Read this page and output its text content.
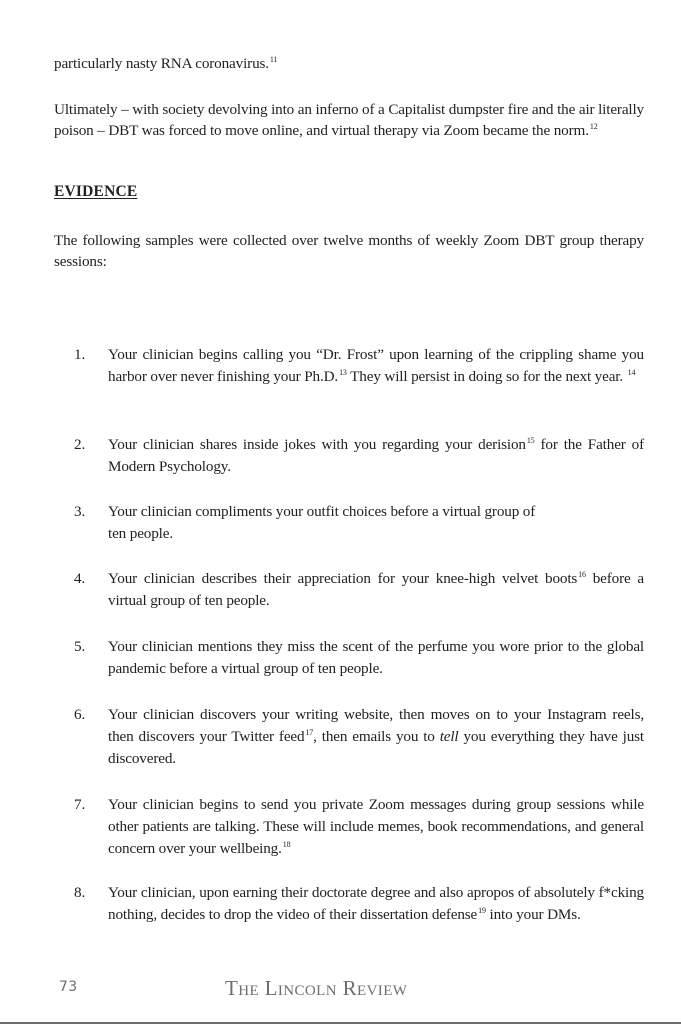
particularly nasty RNA coronavirus.$^{11}$

Ultimately – with society devolving into an inferno of a Capitalist dumpster fire and the air literally poison – DBT was forced to move online, and virtual therapy via Zoom became the norm.$^{12}$

EVIDENCE

The following samples were collected over twelve months of weekly Zoom DBT group therapy sessions:

1.	Your clinician begins calling you “Dr. Frost” upon learning of the crippling shame you harbor over never finishing your Ph.D.$^{13}$ They will persist in doing so for the next year. $^{14}$
2.	Your clinician shares inside jokes with you regarding your derision$^{15}$ for the Father of Modern Psychology.
3.	Your clinician compliments your outfit choices before a virtual group of
ten people.
4.	Your clinician describes their appreciation for your knee-high velvet boots$^{16}$ before a virtual group of ten people.
5.	Your clinician mentions they miss the scent of the perfume you wore prior to the global pandemic before a virtual group of ten people.
6.	Your clinician discovers your writing website, then moves on to your Instagram reels, then discovers your Twitter feed$^{17}$, then emails you to tell you everything they have just discovered.
7.	Your clinician begins to send you private Zoom messages during group sessions while other patients are talking. These will include memes, book recommendations, and general concern over your wellbeing.$^{18}$
8.	Your clinician, upon earning their doctorate degree and also apropos of absolutely f*cking nothing, decides to drop the video of their dissertation defense$^{19}$ into your DMs.
73	The Lincoln Review
